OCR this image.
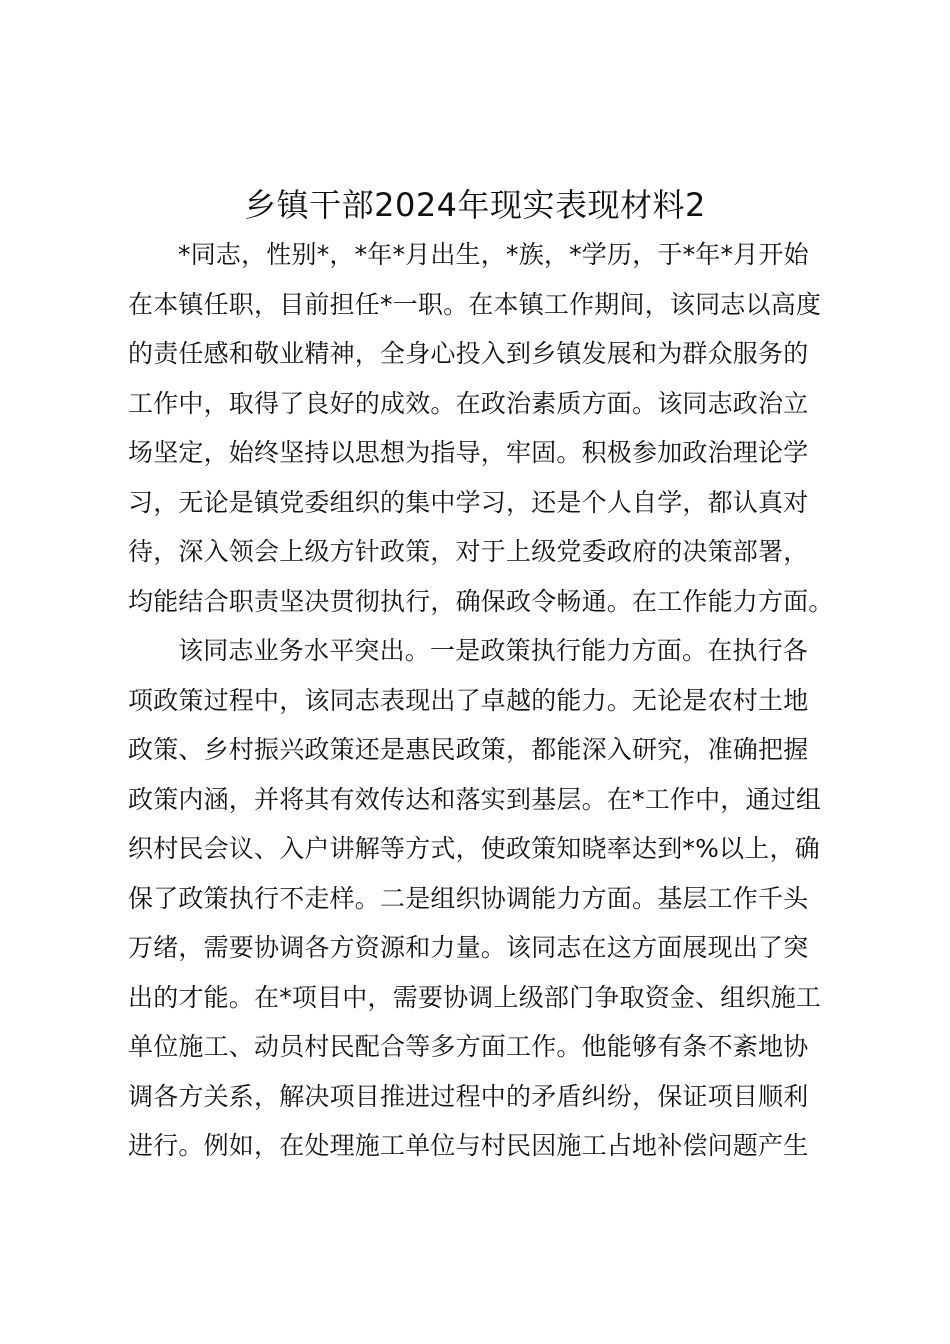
乡镇干部2024年现实表现材料2
*同志，性别*，*年*月出生，*族，*学历，于*年*月开始
在本镇任职，目前担任*一职。在本镇工作期间，该同志以高度
的责任感和敬业精神，全身心投入到乡镇发展和为群众服务的
工作中，取得了良好的成效。在政治素质方面。该同志政治立
场坚定，始终坚持以思想为指导，牢固。积极参加政治理论学
习，无论是镇党委组织的集中学习，还是个人自学，都认真对
待，深入领会上级方针政策，对于上级党委政府的决策部署，
均能结合职责坚决贯彻执行，确保政令畅通。在工作能力方面。
该同志业务水平突出。一是政策执行能力方面。在执行各
项政策过程中，该同志表现出了卓越的能力。无论是农村土地
政策、乡村振兴政策还是惠民政策，都能深入研究，准确把握
政策内涵，并将其有效传达和落实到基层。在*工作中，通过组
织村民会议、入户讲解等方式，使政策知晓率达到*%以上，确
保了政策执行不走样。二是组织协调能力方面。基层工作千头
万绪，需要协调各方资源和力量。该同志在这方面展现出了突
出的才能。在*项目中，需要协调上级部门争取资金、组织施工
单位施工、动员村民配合等多方面工作。他能够有条不紊地协
调各方关系，解决项目推进过程中的矛盾纠纷，保证项目顺利
进行。例如，在处理施工单位与村民因施工占地补偿问题产生
